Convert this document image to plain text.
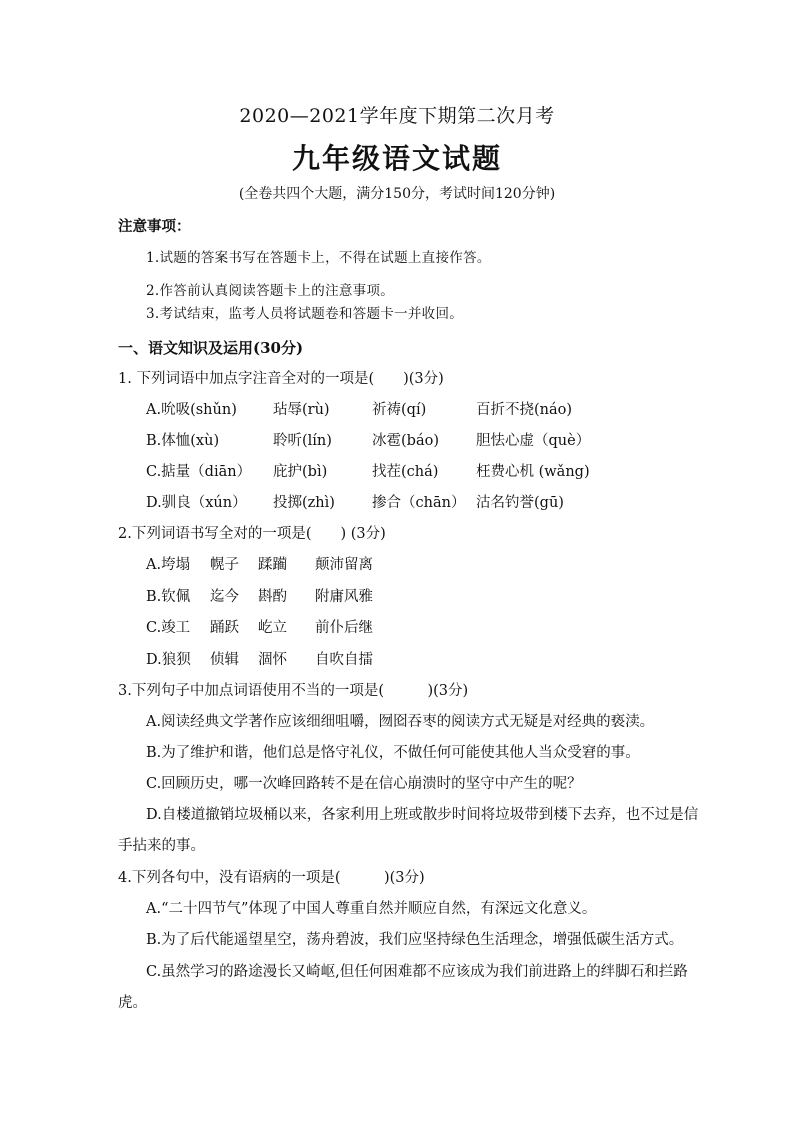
2020—2021学年度下期第二次月考
九年级语文试题
(全卷共四个大题，满分150分，考试时间120分钟)
注意事项：
1.试题的答案书写在答题卡上，不得在试题上直接作答。
2.作答前认真阅读答题卡上的注意事项。
3.考试结束，监考人员将试题卷和答题卡一并收回。
一、语文知识及运用(30分)
1. 下列词语中加点字注音全对的一项是(　　)(3分)
A.吮吸(shǔn) 玷辱(rù)	祈祷(qí)	百折不挠(náo)
B.体恤(xù)	聆听(lín)	冰雹(báo)	胆怯心虚（què）
C.掂量（diān） 庇护(bì)	找茬(chá)	枉费心机 (wǎng)
D.驯良（xún） 投掷(zhì)	掺合（chān） 沽名钓誉(gū)
2.下列词语书写全对的一项是(　　) (3分)
A.垮塌 幌子 蹂躏 颠沛留离
B.钦佩 迄今 斟酌 附庸风雅
C.竣工 踊跃 屹立 前仆后继
D.狼狈 侦辑 涸怀 自吹自擂
3.下列句子中加点词语使用不当的一项是(　　　)(3分)
A.阅读经典文学著作应该细细咀嚼，囫囵吞枣的阅读方式无疑是对经典的亵渎。
B.为了维护和谐，他们总是恪守礼仪，不做任何可能使其他人当众受窘的事。
C.回顾历史，哪一次峰回路转不是在信心崩溃时的坚守中产生的呢？
D.自楼道撤销垃圾桶以来，各家利用上班或散步时间将垃圾带到楼下去弃，也不过是信
手拈来的事。
4.下列各句中，没有语病的一项是(　　　)(3分)
A.“二十四节气”体现了中国人尊重自然并顺应自然，有深远文化意义。
B.为了后代能遥望星空，荡舟碧波，我们应坚持绿色生活理念，增强低碳生活方式。
C.虽然学习的路途漫长又崎岖,但任何困难都不应该成为我们前进路上的绊脚石和拦路
虎。
